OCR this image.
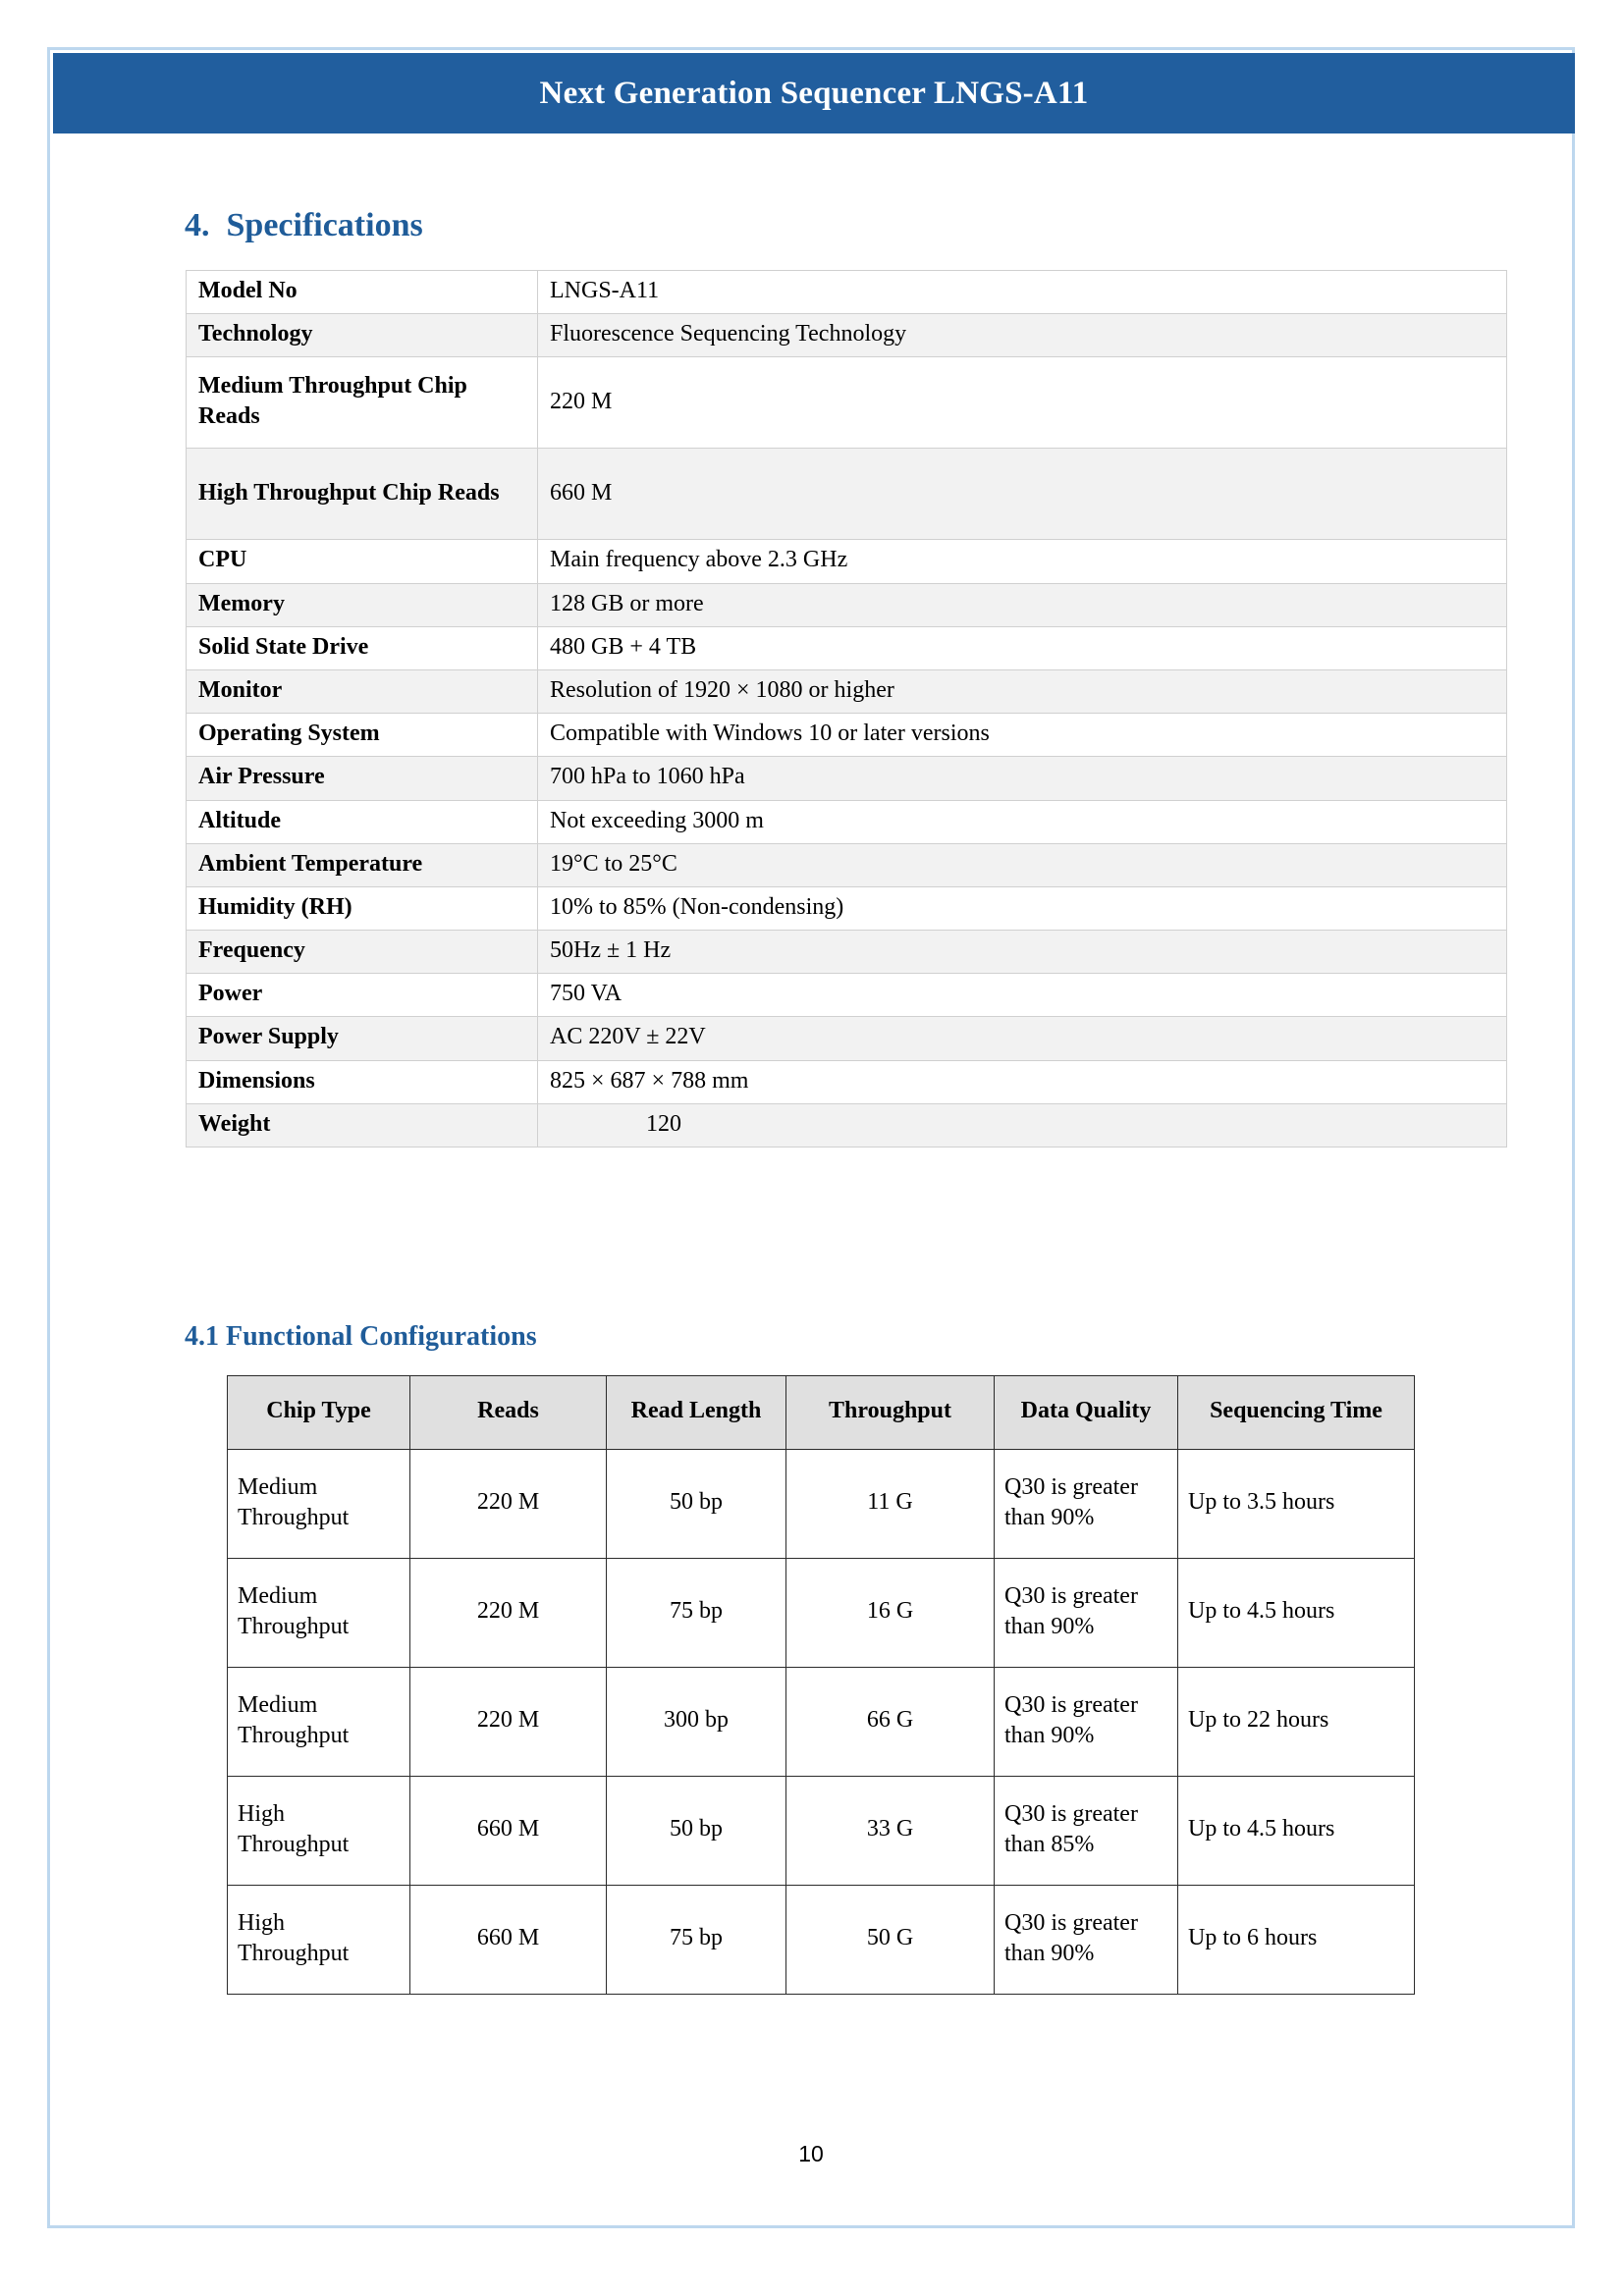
Next Generation Sequencer LNGS-A11
4.  Specifications
Model No	LNGS-A11
Technology	Fluorescence Sequencing Technology
Medium Throughput Chip Reads	220 M
High Throughput Chip Reads	660 M
CPU	Main frequency above 2.3 GHz
Memory	128 GB or more
Solid State Drive	480 GB + 4 TB
Monitor	Resolution of 1920 × 1080 or higher
Operating System	Compatible with Windows 10 or later versions
Air Pressure	700 hPa to 1060 hPa
Altitude	Not exceeding 3000 m
Ambient Temperature	19°C to 25°C
Humidity (RH)	10% to 85% (Non-condensing)
Frequency	50Hz ± 1 Hz
Power	750 VA
Power Supply	AC 220V ± 22V
Dimensions	825 × 687 × 788 mm
Weight	120
4.1 Functional Configurations
Chip Type	Reads	Read Length	Throughput	Data Quality	Sequencing Time
Medium Throughput	220 M	50 bp	11 G	Q30 is greater than 90%	Up to 3.5 hours
Medium Throughput	220 M	75 bp	16 G	Q30 is greater than 90%	Up to 4.5 hours
Medium Throughput	220 M	300 bp	66 G	Q30 is greater than 90%	Up to 22 hours
High Throughput	660 M	50 bp	33 G	Q30 is greater than 85%	Up to 4.5 hours
High Throughput	660 M	75 bp	50 G	Q30 is greater than 90%	Up to 6 hours
10
